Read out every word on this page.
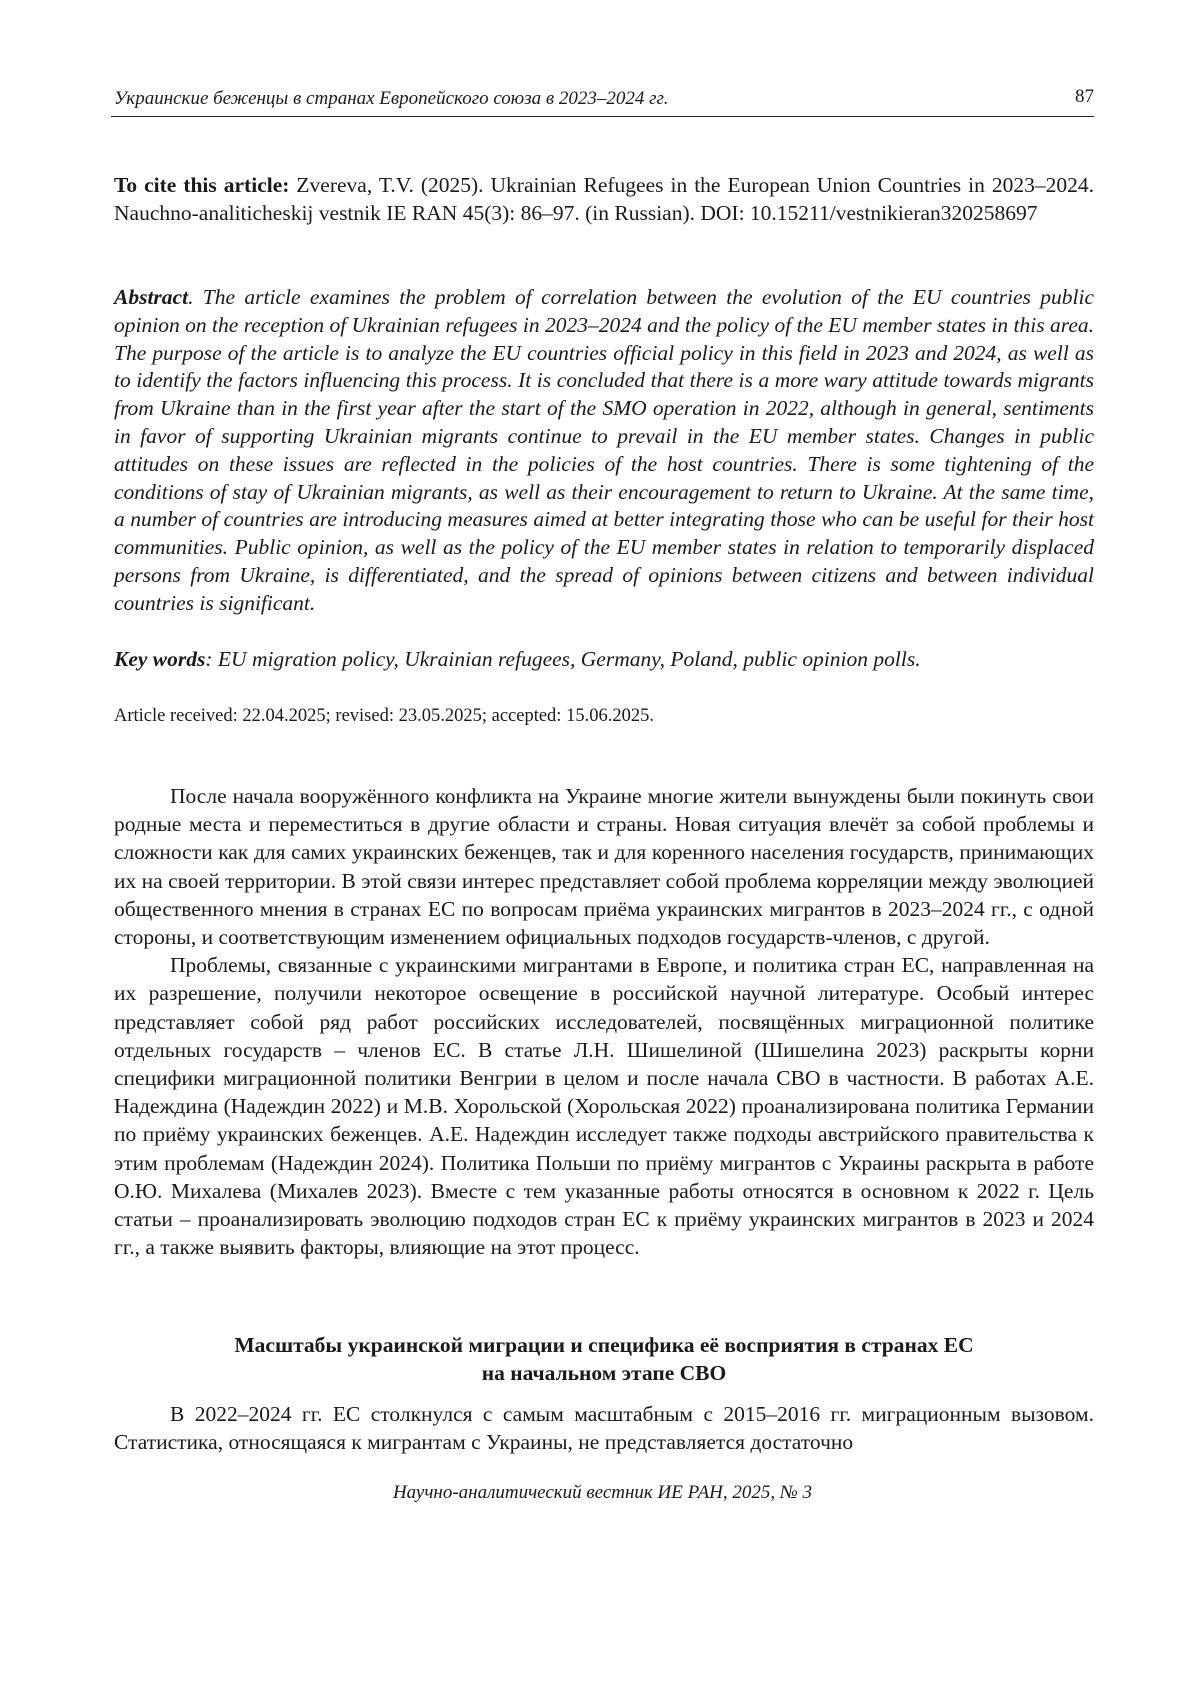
Украинские беженцы в странах Европейского союза в 2023–2024 гг.	87
To cite this article: Zvereva, T.V. (2025). Ukrainian Refugees in the European Union Countries in 2023–2024. Nauchno-analiticheskij vestnik IE RAN 45(3): 86–97. (in Russian). DOI: 10.15211/vestnikieran320258697
Abstract. The article examines the problem of correlation between the evolution of the EU countries public opinion on the reception of Ukrainian refugees in 2023–2024 and the policy of the EU member states in this area. The purpose of the article is to analyze the EU countries official policy in this field in 2023 and 2024, as well as to identify the factors influencing this process. It is concluded that there is a more wary attitude towards migrants from Ukraine than in the first year after the start of the SMO operation in 2022, although in general, sentiments in favor of supporting Ukrainian migrants continue to prevail in the EU member states. Changes in public attitudes on these issues are reflected in the policies of the host countries. There is some tightening of the conditions of stay of Ukrainian migrants, as well as their encouragement to return to Ukraine. At the same time, a number of countries are introducing measures aimed at better integrating those who can be useful for their host communities. Public opinion, as well as the policy of the EU member states in relation to temporarily displaced persons from Ukraine, is differentiated, and the spread of opinions between citizens and between individual countries is significant.
Key words: EU migration policy, Ukrainian refugees, Germany, Poland, public opinion polls.
Article received: 22.04.2025; revised: 23.05.2025; accepted: 15.06.2025.

После начала вооружённого конфликта на Украине многие жители вынуждены были покинуть свои родные места и переместиться в другие области и страны. Новая ситуация влечёт за собой проблемы и сложности как для самих украинских беженцев, так и для коренного населения государств, принимающих их на своей территории. В этой связи интерес представляет собой проблема корреляции между эволюцией общественного мнения в странах ЕС по вопросам приёма украинских мигрантов в 2023–2024 гг., с одной стороны, и соответствующим изменением официальных подходов государств-членов, с другой.

Проблемы, связанные с украинскими мигрантами в Европе, и политика стран ЕС, направленная на их разрешение, получили некоторое освещение в российской научной литературе. Особый интерес представляет собой ряд работ российских исследователей, посвящённых миграционной политике отдельных государств – членов ЕС. В статье Л.Н. Шишелиной (Шишелина 2023) раскрыты корни специфики миграционной политики Венгрии в целом и после начала СВО в частности. В работах А.Е. Надеждина (Надеждин 2022) и М.В. Хорольской (Хорольская 2022) проанализирована политика Германии по приёму украинских беженцев. А.Е. Надеждин исследует также подходы австрийского правительства к этим проблемам (Надеждин 2024). Политика Польши по приёму мигрантов с Украины раскрыта в работе О.Ю. Михалева (Михалев 2023). Вместе с тем указанные работы относятся в основном к 2022 г. Цель статьи – проанализировать эволюцию подходов стран ЕС к приёму украинских мигрантов в 2023 и 2024 гг., а также выявить факторы, влияющие на этот процесс.

Масштабы украинской миграции и специфика её восприятия в странах ЕС
на начальном этапе СВО

В 2022–2024 гг. ЕС столкнулся с самым масштабным с 2015–2016 гг. миграционным вызовом. Статистика, относящаяся к мигрантам с Украины, не представляется достаточно

Научно-аналитический вестник ИЕ РАН, 2025, № 3
